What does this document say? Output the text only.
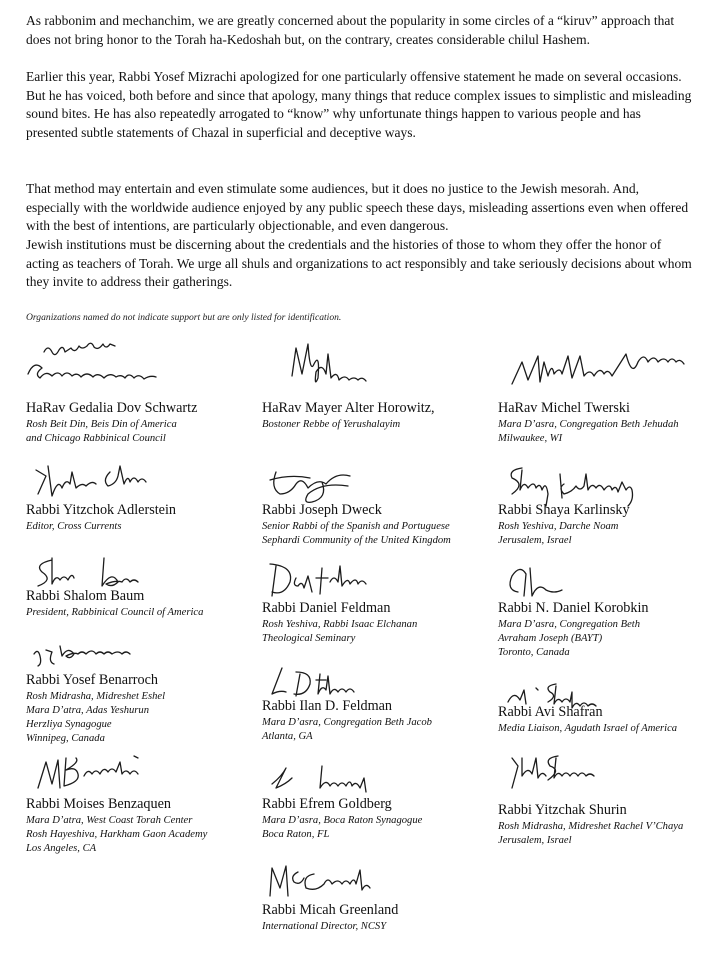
As rabbonim and mechanchim, we are greatly concerned about the popularity in some circles of a “kiruv” approach that does not bring honor to the Torah ha-Kedoshah but, on the contrary, creates considerable chilul Hashem.

Earlier this year, Rabbi Yosef Mizrachi apologized for one particularly offensive statement he made on several occasions. But he has voiced, both before and since that apology, many things that reduce complex issues to simplistic and misleading sound bites. He has also repeatedly arrogated to “know” why unfortunate things happen to various people and has presented subtle statements of Chazal in superficial and deceptive ways.

That method may entertain and even stimulate some audiences, but it does no justice to the Jewish mesorah. And, especially with the worldwide audience enjoyed by any public speech these days, misleading assertions even when offered with the best of intentions, are particularly objectionable, and even dangerous.

Jewish institutions must be discerning about the credentials and the histories of those to whom they offer the honor of acting as teachers of Torah. We urge all shuls and organizations to act responsibly and take seriously decisions about whom they invite to address their gatherings.

Organizations named do not indicate support but are only listed for identification.
HaRav Gedalia Dov Schwartz
Rosh Beit Din, Beis Din of America
and Chicago Rabbinical Council
HaRav Mayer Alter Horowitz,
Bostoner Rebbe of Yerushalayim
HaRav Michel Twerski
Mara D’asra, Congregation Beth Jehudah
Milwaukee, WI
Rabbi Yitzchok Adlerstein
Editor, Cross Currents
Rabbi Joseph Dweck
Senior Rabbi of the Spanish and Portuguese
Sephardi Community of the United Kingdom
Rabbi Shaya Karlinsky
Rosh Yeshiva, Darche Noam
Jerusalem, Israel
Rabbi Shalom Baum
President, Rabbinical Council of America	Rabbi Daniel Feldman
Rosh Yeshiva, Rabbi Isaac Elchanan
Theological Seminary
Rabbi N. Daniel Korobkin
Mara D’asra, Congregation Beth
Avraham Joseph (BAYT)
Toronto, Canada
Rabbi Yosef Benarroch
Rosh Midrasha, Midreshet Eshel
Mara D’atra, Adas Yeshurun
Herzliya Synagogue
Winnipeg, Canada
Rabbi Ilan D. Feldman
Mara D’asra, Congregation Beth Jacob
Atlanta, GA
Rabbi Avi Shafran
Media Liaison, Agudath Israel of America
Rabbi Moises Benzaquen
Mara D’atra, West Coast Torah Center
Rosh Hayeshiva, Harkham Gaon Academy
Los Angeles, CA
Rabbi Efrem Goldberg
Mara D’asra, Boca Raton Synagogue
Boca Raton, FL
Rabbi Yitzchak Shurin
Rosh Midrasha, Midreshet Rachel V’Chaya
Jerusalem, Israel
Rabbi Micah Greenland
International Director, NCSY
